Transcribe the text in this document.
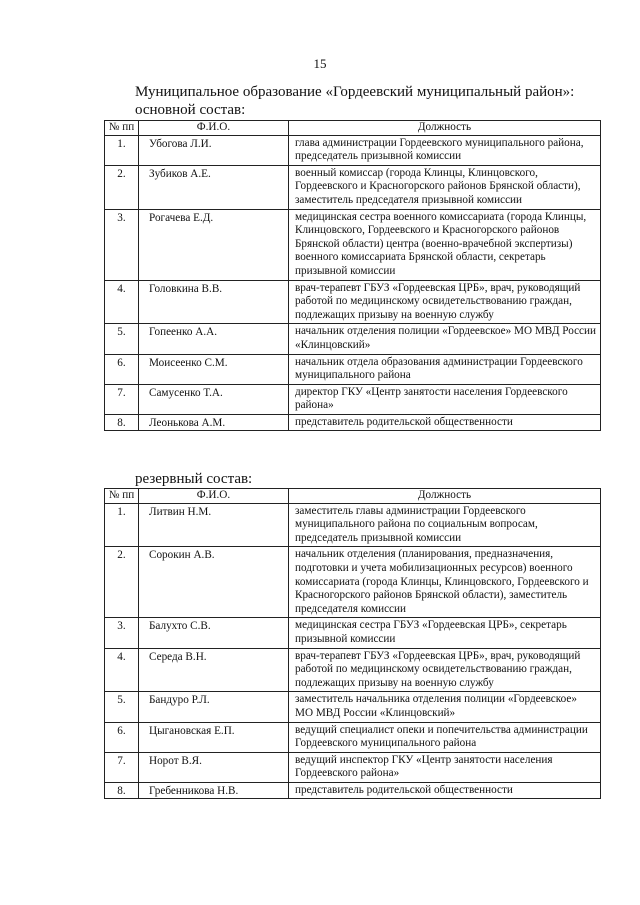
15
Муниципальное образование «Гордеевский муниципальный район»:
основной состав:
№ пп	Ф.И.О.	Должность
1.	Убогова Л.И.	глава администрации Гордеевского муниципального района, председатель призывной комиссии
2.	Зубиков А.Е.	военный комиссар (города Клинцы, Клинцовского, Гордеевского и Красногорского районов Брянской области), заместитель председателя призывной комиссии
3.	Рогачева Е.Д.	медицинская сестра военного комиссариата (города Клинцы, Клинцовского, Гордеевского и Красногорского районов Брянской области) центра (военно-врачебной экспертизы) военного комиссариата Брянской области, секретарь призывной комиссии
4.	Головкина В.В.	врач-терапевт ГБУЗ «Гордеевская ЦРБ», врач, руководящий работой по медицинскому освидетельствованию граждан, подлежащих призыву на военную службу
5.	Гопеенко А.А.	начальник отделения полиции «Гордеевское» МО МВД России «Клинцовский»
6.	Моисеенко С.М.	начальник отдела образования администрации Гордеевского муниципального района
7.	Самусенко Т.А.	директор ГКУ «Центр занятости населения Гордеевского района»
8.	Леонькова А.М.	представитель родительской общественности
резервный состав:
№ пп	Ф.И.О.	Должность
1.	Литвин Н.М.	заместитель главы администрации Гордеевского муниципального района по социальным вопросам, председатель призывной комиссии
2.	Сорокин А.В.	начальник отделения (планирования, предназначения, подготовки и учета мобилизационных ресурсов) военного комиссариата (города Клинцы, Клинцовского, Гордеевского и Красногорского районов Брянской области), заместитель председателя комиссии
3.	Балухто С.В.	медицинская сестра ГБУЗ «Гордеевская ЦРБ», секретарь призывной комиссии
4.	Середа В.Н.	врач-терапевт ГБУЗ «Гордеевская ЦРБ», врач, руководящий работой по медицинскому освидетельствованию граждан, подлежащих призыву на военную службу
5.	Бандуро Р.Л.	заместитель начальника отделения полиции «Гордеевское» МО МВД России «Клинцовский»
6.	Цыгановская Е.П.	ведущий специалист опеки и попечительства администрации Гордеевского муниципального района
7.	Норот В.Я.	ведущий инспектор ГКУ «Центр занятости населения Гордеевского района»
8.	Гребенникова Н.В.	представитель родительской общественности
